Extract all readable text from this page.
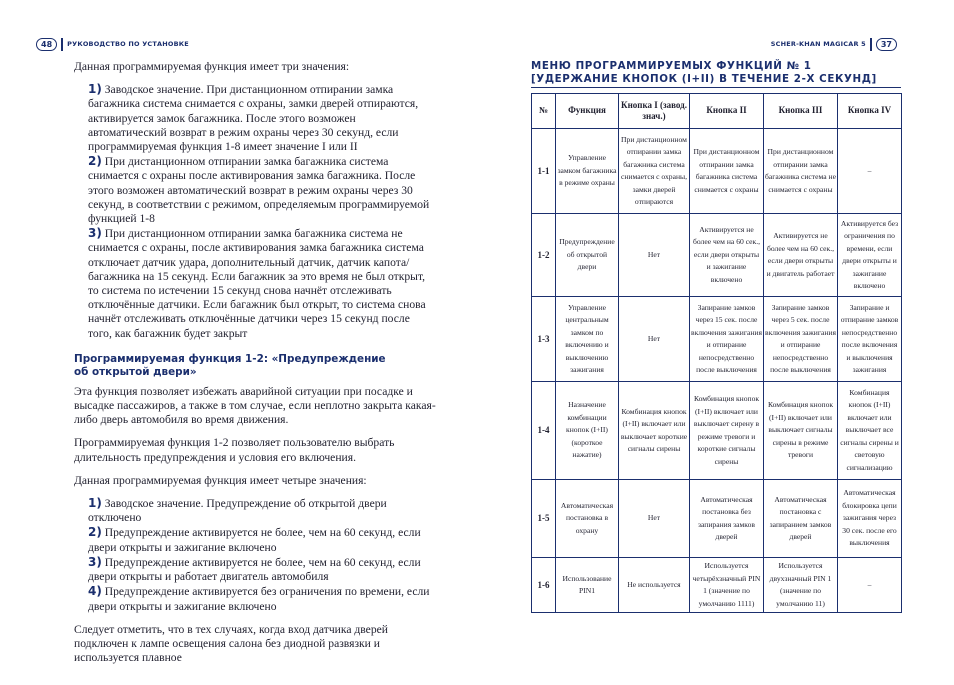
48	РУКОВОДСТВО ПО УСТАНОВКЕ	SCHER-KHAN MAGICAR 5	37

Данная программируемая функция имеет три значения:

1) Заводское значение. При дистанционном отпирании замка багажника система снимается с охраны, замки дверей отпираются, активируется замок багажника. После этого возможен автоматический возврат в режим охраны через 30 секунд, если программируемая функция 1-8 имеет значение I или II

2) При дистанционном отпирании замка багажника система снимается с охраны после активирования замка багажника. После этого возможен автоматический возврат в режим охраны через 30 секунд, в соответствии с режимом, определяемым программируемой функцией 1-8

3) При дистанционном отпирании замка багажника система не снимается с охраны, после активирования замка багажника система отключает датчик удара, дополнительный датчик, датчик капота/ багажника на 15 секунд. Если багажник за это время не был открыт, то система по истечении 15 секунд снова начнёт отслеживать отключённые датчики. Если багажник был открыт, то система снова начнёт отслеживать отключённые датчики через 15 секунд после того, как багажник будет закрыт

Программируемая функция 1-2: «Предупреждение
об открытой двери»

Эта функция позволяет избежать аварийной ситуации при посадке и высадке пассажиров, а также в том случае, если неплотно закрыта какая-либо дверь автомобиля во время движения.

Программируемая функция 1-2 позволяет пользователю выбрать длительность предупреждения и условия его включения.

Данная программируемая функция имеет четыре значения:

1) Заводское значение. Предупреждение об открытой двери отключено

2) Предупреждение активируется не более, чем на 60 секунд, если двери открыты и зажигание включено

3) Предупреждение активируется не более, чем на 60 секунд, если двери открыты и работает двигатель автомобиля

4) Предупреждение активируется без ограничения по времени, если двери открыты и зажигание включено

Следует отметить, что в тех случаях, когда вход датчика дверей подключен к лампе освещения салона без диодной развязки и используется плавное

МЕНЮ ПРОГРАММИРУЕМЫХ ФУНКЦИЙ № 1

[УДЕРЖАНИЕ КНОПОК (I+II) В ТЕЧЕНИЕ 2-Х СЕКУНД]

№	Функция	Кнопка I (завод. знач.)	Кнопка II	Кнопка III	Кнопка IV
1-1	Управление замком багажника в режиме охраны	При дистанционном отпирании замка багажника система снимается с охраны, замки дверей отпираются	При дистанционном отпирании замка багажника система снимается с охраны	При дистанционном отпирании замка багажника система не снимается с охраны	–
1-2	Предупреждение об открытой двери	Нет	Активируется не более чем на 60 сек., если двери открыты и зажигание включено	Активируется не более чем на 60 сек., если двери открыты и двигатель работает	Активируется без ограничения по времени, если двери открыты и зажигание включено
1-3	Управление центральным замком по включению и выключению зажигания	Нет	Запирание замков через 15 сек. после включения зажигания и отпирание непосредственно после выключения	Запирание замков через 5 сек. после включения зажигания и отпирание непосредственно после выключения	Запирание и отпирание замков непосредственно после включения и выключения зажигания
1-4	Назначение комбинации кнопок (I+II) (короткое нажатие)	Комбинация кнопок (I+II) включает или выключает короткие сигналы сирены	Комбинация кнопок (I+II) включает или выключает сирену в режиме тревоги и короткие сигналы сирены	Комбинация кнопок (I+II) включает или выключает сигналы сирены в режиме тревоги	Комбинация кнопок (I+II) включает или выключает все сигналы сирены и световую сигнализацию
1-5	Автоматическая постановка в охрану	Нет	Автоматическая постановка без запирания замков дверей	Автоматическая постановка с запиранием замков дверей	Автоматическая блокировка цепи зажигания через 30 сек. после его выключения
1-6	Использование PIN1	Не используется	Используется четырёхзначный PIN 1 (значение по умолчанию 1111)	Используется двухзначный PIN 1 (значение по умолчанию 11)	–
